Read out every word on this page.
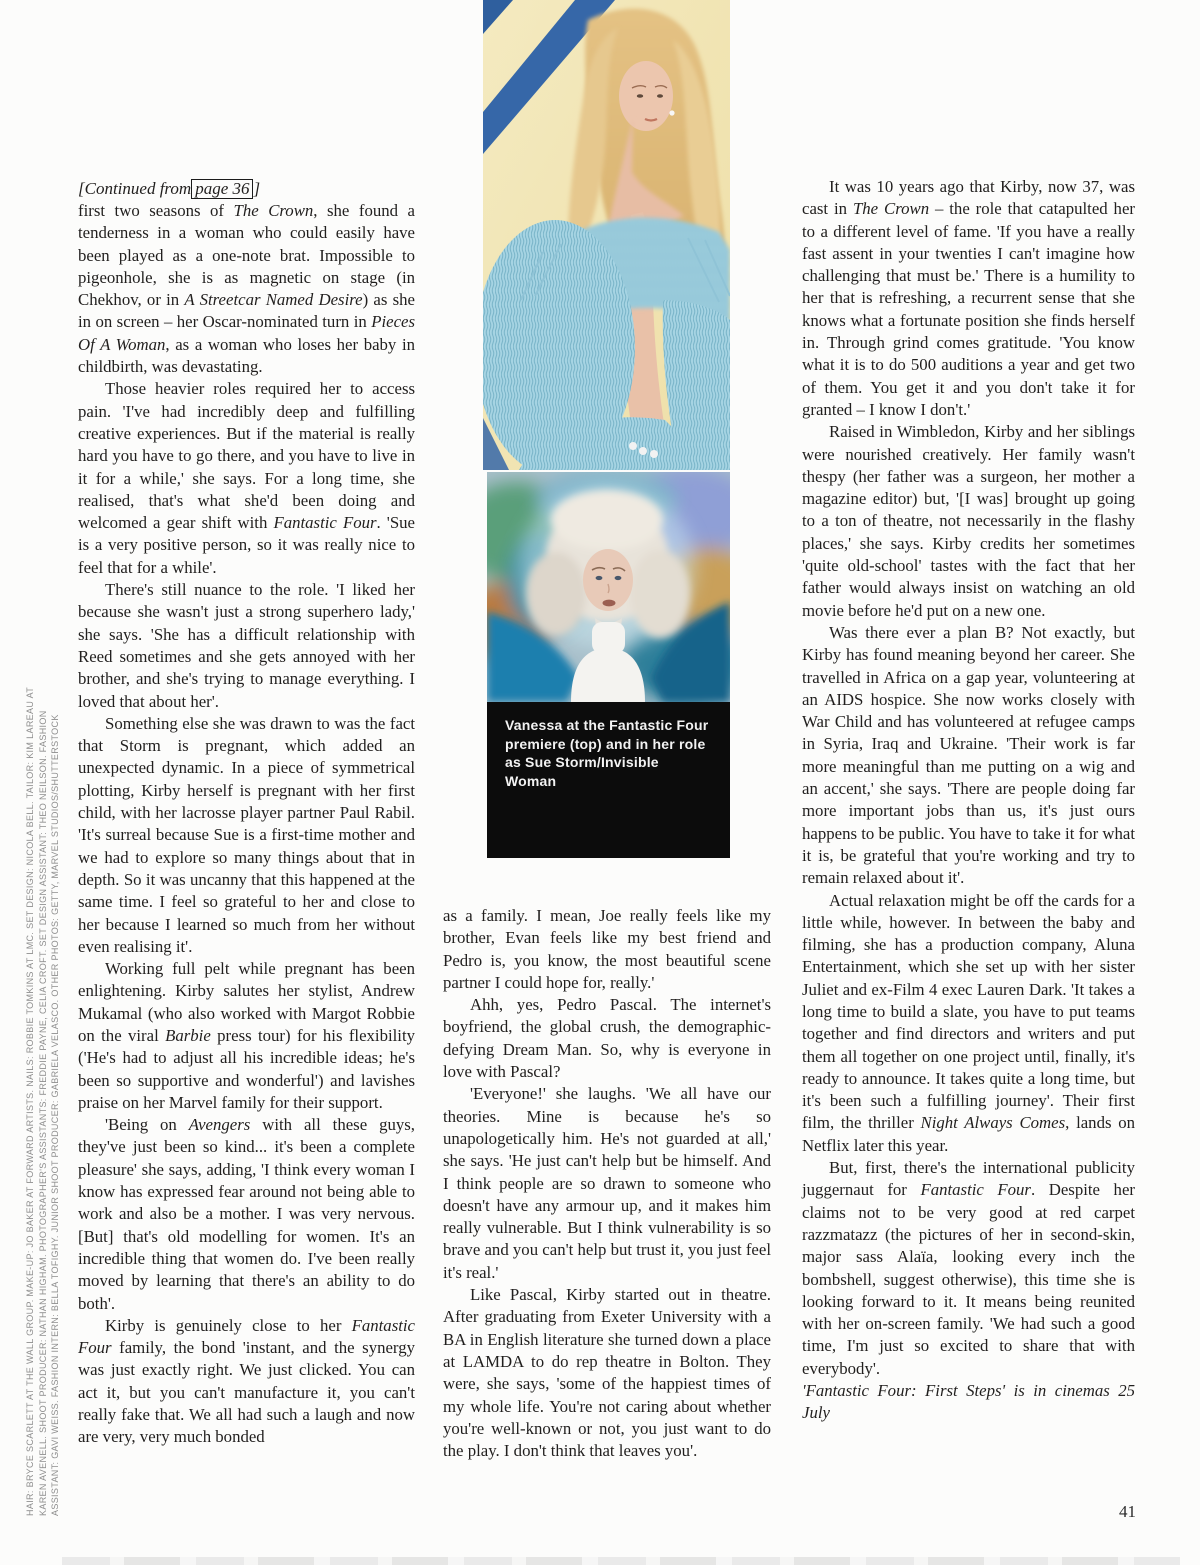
HAIR: BRYCE SCARLETT AT THE WALL GROUP. MAKE-UP: JO BAKER AT FORWARD ARTISTS. NAILS: ROBBIE TOMKINS AT LMC. SET DESIGN: NICOLA BELL. TAILOR: KIM LAREAU AT KAREN AVENELL. SHOOT PRODUCER: NATHAN HIGHAM. PHOTOGRAPHER'S ASSISTANTS: FREDDIE PAYNE, CELIA CROFT. SET DESIGN ASSISTANT: THEO NEILSON. FASHION ASSISTANT: GAVI WEISS. FASHION INTERN: BELLA TOFIGHY. JUNIOR SHOOT PRODUCER: GABRIELA VELASCO. OTHER PHOTOS: GETTY, MARVEL STUDIOS/SHUTTERSTOCK

[Continued from page 36 ]

first two seasons of The Crown, she found a tenderness in a woman who could easily have been played as a one-note brat. Impossible to pigeonhole, she is as magnetic on stage (in Chekhov, or in A Streetcar Named Desire) as she in on screen – her Oscar-nominated turn in Pieces Of A Woman, as a woman who loses her baby in childbirth, was devastating.

Those heavier roles required her to access pain. 'I've had incredibly deep and fulfilling creative experiences. But if the material is really hard you have to go there, and you have to live in it for a while,' she says. For a long time, she realised, that's what she'd been doing and welcomed a gear shift with Fantastic Four. 'Sue is a very positive person, so it was really nice to feel that for a while'.

There's still nuance to the role. 'I liked her because she wasn't just a strong superhero lady,' she says. 'She has a difficult relationship with Reed sometimes and she gets annoyed with her brother, and she's trying to manage everything. I loved that about her'.

Something else she was drawn to was the fact that Storm is pregnant, which added an unexpected dynamic. In a piece of symmetrical plotting, Kirby herself is pregnant with her first child, with her lacrosse player partner Paul Rabil. 'It's surreal because Sue is a first-time mother and we had to explore so many things about that in depth. So it was uncanny that this happened at the same time. I feel so grateful to her and close to her because I learned so much from her without even realising it'.

Working full pelt while pregnant has been enlightening. Kirby salutes her stylist, Andrew Mukamal (who also worked with Margot Robbie on the viral Barbie press tour) for his flexibility ('He's had to adjust all his incredible ideas; he's been so supportive and wonderful') and lavishes praise on her Marvel family for their support.

'Being on Avengers with all these guys, they've just been so kind... it's been a complete pleasure' she says, adding, 'I think every woman I know has expressed fear around not being able to work and also be a mother. I was very nervous. [But] that's old modelling for women. It's an incredible thing that women do. I've been really moved by learning that there's an ability to do both'.

Kirby is genuinely close to her Fantastic Four family, the bond 'instant, and the synergy was just exactly right. We just clicked. You can act it, but you can't manufacture it, you can't really fake that. We all had such a laugh and now are very, very much bonded

Vanessa at the Fantastic Four premiere (top) and in her role as Sue Storm/Invisible Woman

as a family. I mean, Joe really feels like my brother, Evan feels like my best friend and Pedro is, you know, the most beautiful scene partner I could hope for, really.'

Ahh, yes, Pedro Pascal. The internet's boyfriend, the global crush, the demographic-defying Dream Man. So, why is everyone in love with Pascal?

'Everyone!' she laughs. 'We all have our theories. Mine is because he's so unapologetically him. He's not guarded at all,' she says. 'He just can't help but be himself. And I think people are so drawn to someone who doesn't have any armour up, and it makes him really vulnerable. But I think vulnerability is so brave and you can't help but trust it, you just feel it's real.'

Like Pascal, Kirby started out in theatre. After graduating from Exeter University with a BA in English literature she turned down a place at LAMDA to do rep theatre in Bolton. They were, she says, 'some of the happiest times of my whole life. You're not caring about whether you're well-known or not, you just want to do the play. I don't think that leaves you'.

It was 10 years ago that Kirby, now 37, was cast in The Crown – the role that catapulted her to a different level of fame. 'If you have a really fast assent in your twenties I can't imagine how challenging that must be.' There is a humility to her that is refreshing, a recurrent sense that she knows what a fortunate position she finds herself in. Through grind comes gratitude. 'You know what it is to do 500 auditions a year and get two of them. You get it and you don't take it for granted – I know I don't.'

Raised in Wimbledon, Kirby and her siblings were nourished creatively. Her family wasn't thespy (her father was a surgeon, her mother a magazine editor) but, '[I was] brought up going to a ton of theatre, not necessarily in the flashy places,' she says. Kirby credits her sometimes 'quite old-school' tastes with the fact that her father would always insist on watching an old movie before he'd put on a new one.

Was there ever a plan B? Not exactly, but Kirby has found meaning beyond her career. She travelled in Africa on a gap year, volunteering at an AIDS hospice. She now works closely with War Child and has volunteered at refugee camps in Syria, Iraq and Ukraine. 'Their work is far more meaningful than me putting on a wig and an accent,' she says. 'There are people doing far more important jobs than us, it's just ours happens to be public. You have to take it for what it is, be grateful that you're working and try to remain relaxed about it'.

Actual relaxation might be off the cards for a little while, however. In between the baby and filming, she has a production company, Aluna Entertainment, which she set up with her sister Juliet and ex-Film 4 exec Lauren Dark. 'It takes a long time to build a slate, you have to put teams together and find directors and writers and put them all together on one project until, finally, it's ready to announce. It takes quite a long time, but it's been such a fulfilling journey'. Their first film, the thriller Night Always Comes, lands on Netflix later this year.

But, first, there's the international publicity juggernaut for Fantastic Four. Despite her claims not to be very good at red carpet razzmatazz (the pictures of her in second-skin, major sass Alaïa, looking every inch the bombshell, suggest otherwise), this time she is looking forward to it. It means being reunited with her on-screen family. 'We had such a good time, I'm just so excited to share that with everybody'.

'Fantastic Four: First Steps' is in cinemas 25 July

41
